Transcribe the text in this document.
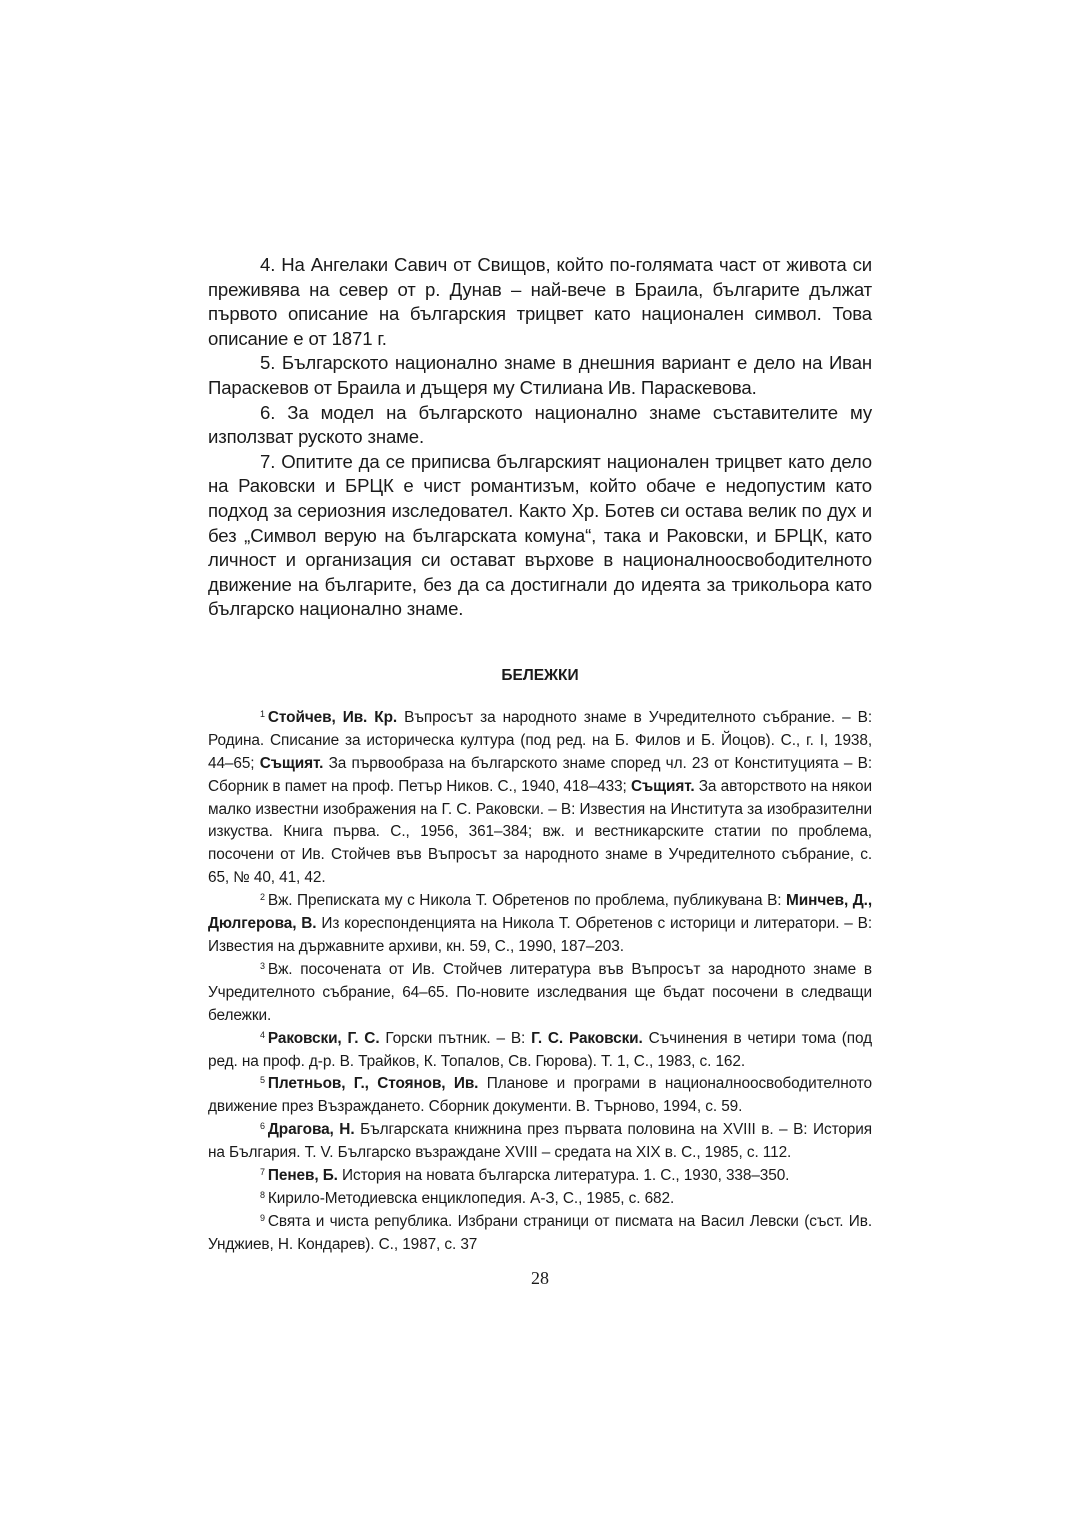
4. На Ангелаки Савич от Свищов, който по-голямата част от живота си преживява на север от р. Дунав – най-вече в Браила, българите дължат първото описание на българския трицвет като национален символ. Това описание е от 1871 г.

5. Българското национално знаме в днешния вариант е дело на Иван Параскевов от Браила и дъщеря му Стилиана Ив. Параскевова.

6. За модел на българското национално знаме съставителите му използват руското знаме.

7. Опитите да се приписва българският национален трицвет като дело на Раковски и БРЦК е чист романтизъм, който обаче е недопустим като подход за сериозния изследовател. Както Хр. Ботев си остава велик по дух и без „Символ верую на българската комуна“, така и Раковски, и БРЦК, като личност и организация си остават върхове в националноосвободителното движение на българите, без да са достигнали до идеята за трикольора като българско национално знаме.

БЕЛЕЖКИ

$^1$ Стойчев, Ив. Кр. Въпросът за народното знаме в Учредителното събрание. – В: Родина. Списание за историческа култура (под ред. на Б. Филов и Б. Йоцов). С., г. I, 1938, 44–65; Същият. За първообраза на българското знаме според чл. 23 от Конституцията – В: Сборник в памет на проф. Петър Ников. С., 1940, 418–433; Същият. За авторството на някои малко известни изображения на Г. С. Раковски. – В: Известия на Института за изобразителни изкуства. Книга първа. С., 1956, 361–384; вж. и вестникарските статии по проблема, посочени от Ив. Стойчев във Въпросът за народното знаме в Учредителното събрание, с. 65, № 40, 41, 42.

$^2$ Вж. Преписката му с Никола Т. Обретенов по проблема, публикувана В: Минчев, Д., Дюлгерова, В. Из кореспонденцията на Никола Т. Обретенов с историци и литератори. – В: Известия на държавните архиви, кн. 59, С., 1990, 187–203.

$^3$ Вж. посочената от Ив. Стойчев литература във Въпросът за народното знаме в Учредителното събрание, 64–65. По-новите изследвания ще бъдат посочени в следващи бележки.

$^4$ Раковски, Г. С. Горски пътник. – В: Г. С. Раковски. Съчинения в четири тома (под ред. на проф. д-р. В. Трайков, К. Топалов, Св. Гюрова). Т. 1, С., 1983, с. 162.

$^5$ Плетньов, Г., Стоянов, Ив. Планове и програми в националноосвободителното движение през Възраждането. Сборник документи. В. Търново, 1994, с. 59.

$^6$ Драгова, Н. Българската книжнина през първата половина на XVIII в. – В: История на България. Т. V. Българско възраждане XVIII – средата на XIX в. С., 1985, с. 112.

$^7$ Пенев, Б. История на новата българска литература. 1. С., 1930, 338–350.

$^8$ Кирило-Методиевска енциклопедия. А-З, С., 1985, с. 682.

$^9$ Свята и чиста република. Избрани страници от писмата на Васил Левски (съст. Ив. Унджиев, Н. Кондарев). С., 1987, с. 37

28
